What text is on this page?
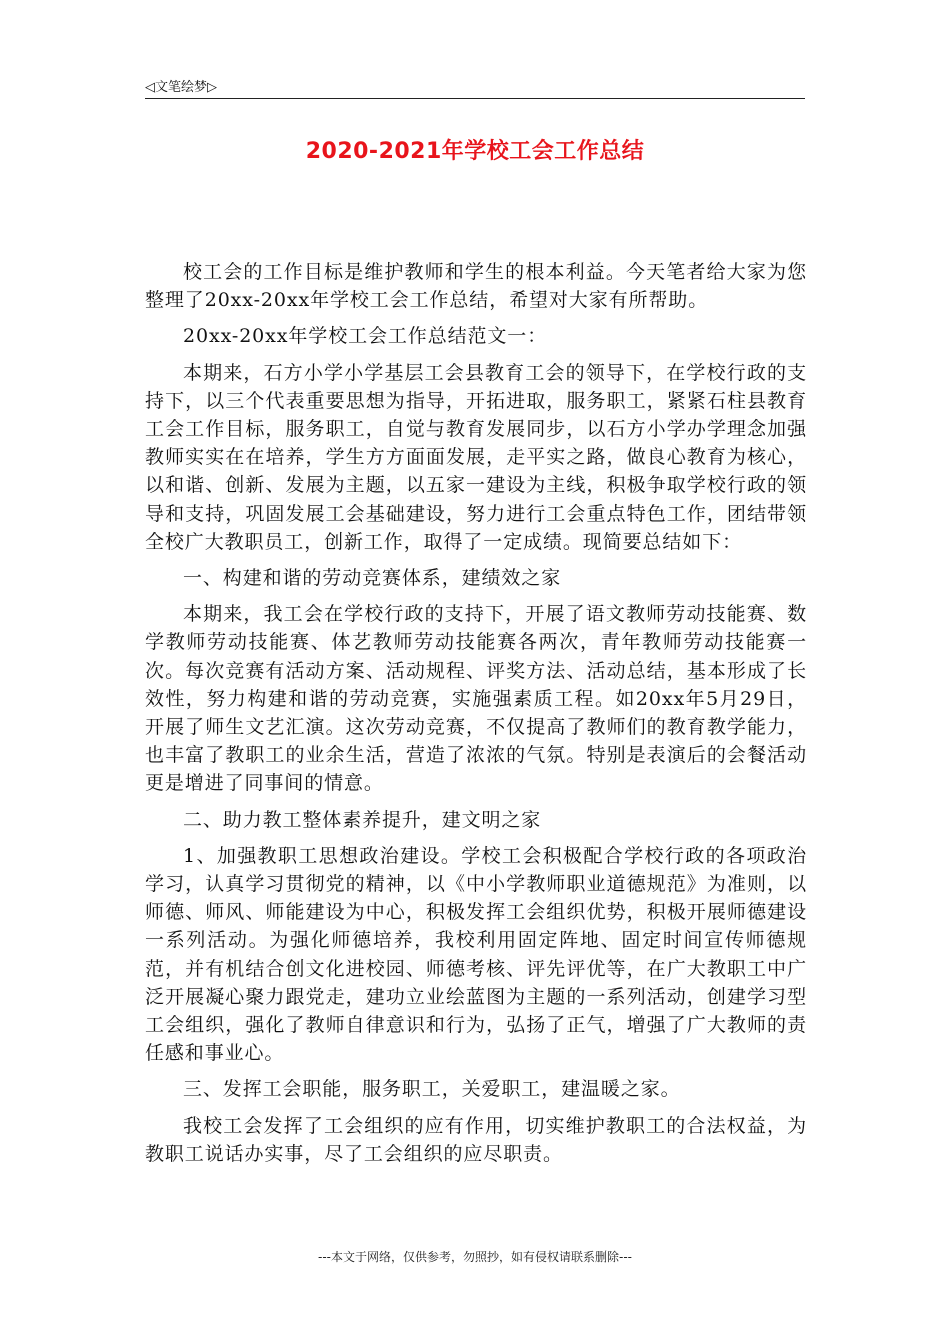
◁文笔绘梦▷
2020-2021年学校工会工作总结

校工会的工作目标是维护教师和学生的根本利益。今天笔者给大家为您整理了20xx-20xx年学校工会工作总结，希望对大家有所帮助。

20xx-20xx年学校工会工作总结范文一：

本期来，石方小学小学基层工会县教育工会的领导下，在学校行政的支持下，以三个代表重要思想为指导，开拓进取，服务职工，紧紧石柱县教育工会工作目标，服务职工，自觉与教育发展同步，以石方小学办学理念加强教师实实在在培养，学生方方面面发展，走平实之路，做良心教育为核心，以和谐、创新、发展为主题，以五家一建设为主线，积极争取学校行政的领导和支持，巩固发展工会基础建设，努力进行工会重点特色工作，团结带领全校广大教职员工，创新工作，取得了一定成绩。现简要总结如下：

一、构建和谐的劳动竞赛体系，建绩效之家

本期来，我工会在学校行政的支持下，开展了语文教师劳动技能赛、数学教师劳动技能赛、体艺教师劳动技能赛各两次，青年教师劳动技能赛一次。每次竞赛有活动方案、活动规程、评奖方法、活动总结，基本形成了长效性，努力构建和谐的劳动竞赛，实施强素质工程。如20xx年5月29日，开展了师生文艺汇演。这次劳动竞赛，不仅提高了教师们的教育教学能力，也丰富了教职工的业余生活，营造了浓浓的气氛。特别是表演后的会餐活动更是增进了同事间的情意。

二、助力教工整体素养提升，建文明之家

1、加强教职工思想政治建设。学校工会积极配合学校行政的各项政治学习，认真学习贯彻党的精神，以《中小学教师职业道德规范》为准则，以师德、师风、师能建设为中心，积极发挥工会组织优势，积极开展师德建设一系列活动。为强化师德培养，我校利用固定阵地、固定时间宣传师德规范，并有机结合创文化进校园、师德考核、评先评优等，在广大教职工中广泛开展凝心聚力跟党走，建功立业绘蓝图为主题的一系列活动，创建学习型工会组织，强化了教师自律意识和行为，弘扬了正气，增强了广大教师的责任感和事业心。

三、发挥工会职能，服务职工，关爱职工，建温暖之家。

我校工会发挥了工会组织的应有作用，切实维护教职工的合法权益，为教职工说话办实事，尽了工会组织的应尽职责。

---本文于网络，仅供参考，勿照抄，如有侵权请联系删除---
